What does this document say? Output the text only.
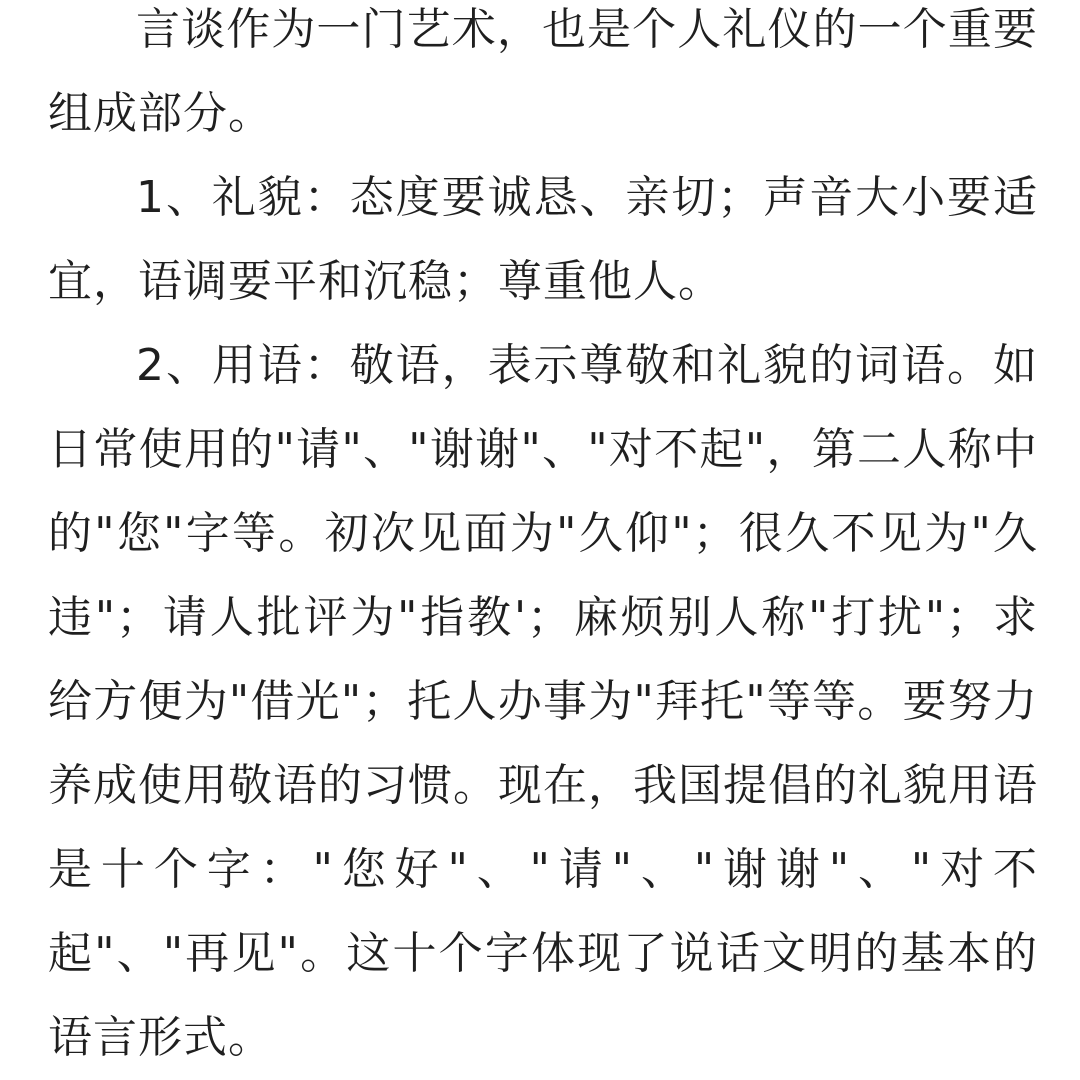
言谈作为一门艺术，也是个人礼仪的一个重要组成部分。

1、礼貌：态度要诚恳、亲切；声音大小要适宜，语调要平和沉稳；尊重他人。

2、用语：敬语，表示尊敬和礼貌的词语。如日常使用的"请"、"谢谢"、"对不起"，第二人称中的"您"字等。初次见面为"久仰"；很久不见为"久违"；请人批评为"指教'；麻烦别人称"打扰"；求给方便为"借光"；托人办事为"拜托"等等。要努力养成使用敬语的习惯。现在，我国提倡的礼貌用语是十个字："您好"、"请"、"谢谢"、"对不起"、"再见"。这十个字体现了说话文明的基本的语言形式。
